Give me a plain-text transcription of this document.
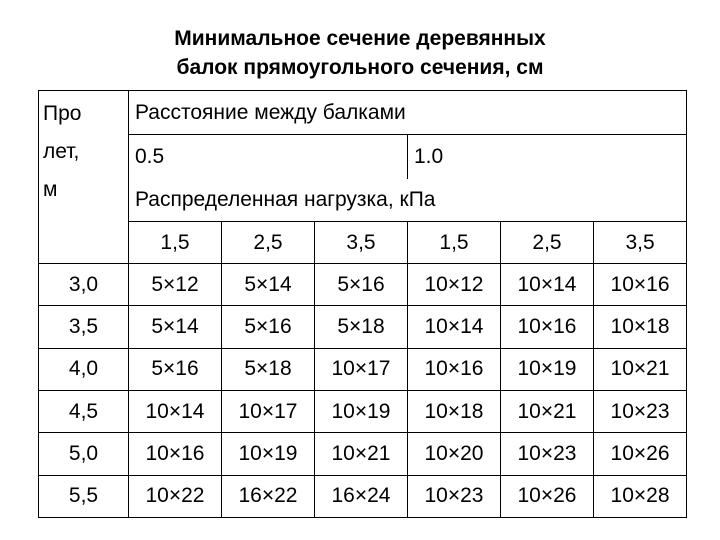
Минимальное сечение деревянных
балок прямоугольного сечения, см
Про
лет,
м	Расстояние между балками					
	0.5			1.0		
	Распределенная нагрузка, кПа					
	1,5	2,5	3,5	1,5	2,5	3,5
3,0	5×12	5×14	5×16	10×12	10×14	10×16
3,5	5×14	5×16	5×18	10×14	10×16	10×18
4,0	5×16	5×18	10×17	10×16	10×19	10×21
4,5	10×14	10×17	10×19	10×18	10×21	10×23
5,0	10×16	10×19	10×21	10×20	10×23	10×26
5,5	10×22	16×22	16×24	10×23	10×26	10×28
